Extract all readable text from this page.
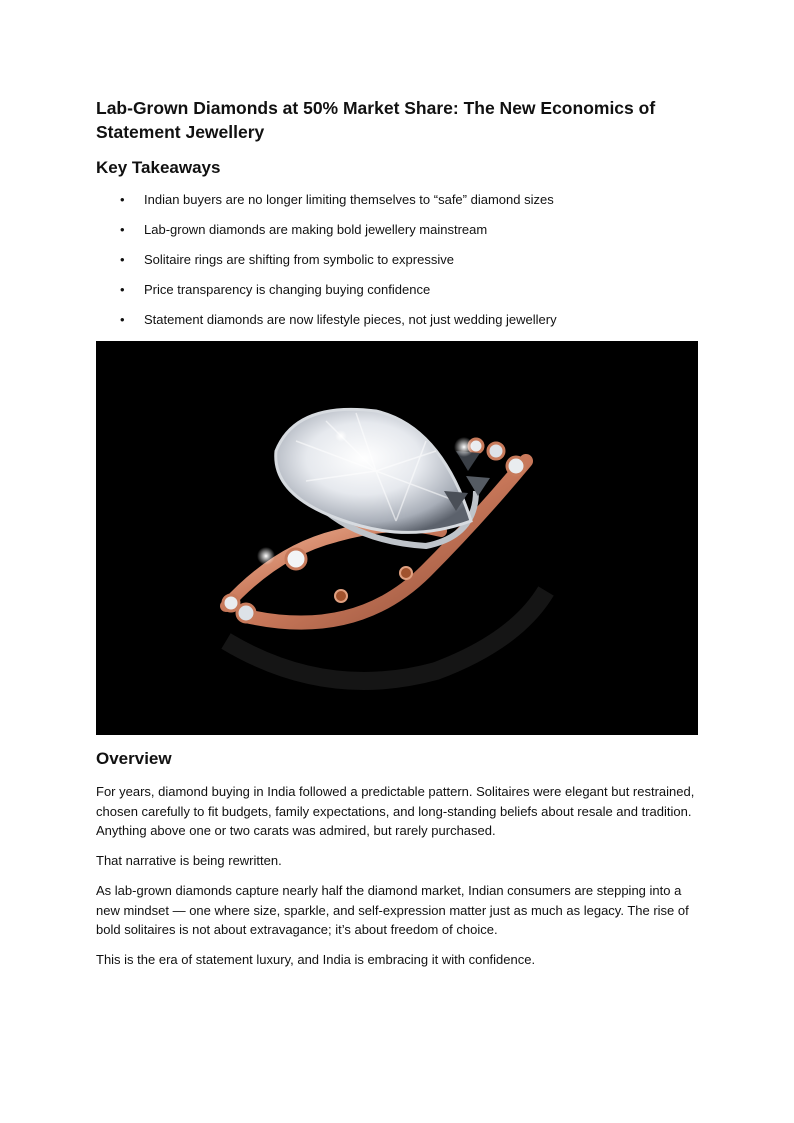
Lab-Grown Diamonds at 50% Market Share: The New Economics of Statement Jewellery
Key Takeaways
• Indian buyers are no longer limiting themselves to “safe” diamond sizes
• Lab-grown diamonds are making bold jewellery mainstream
• Solitaire rings are shifting from symbolic to expressive
• Price transparency is changing buying confidence
• Statement diamonds are now lifestyle pieces, not just wedding jewellery
Overview

For years, diamond buying in India followed a predictable pattern. Solitaires were elegant but restrained, chosen carefully to fit budgets, family expectations, and long-standing beliefs about resale and tradition. Anything above one or two carats was admired, but rarely purchased.

That narrative is being rewritten.

As lab-grown diamonds capture nearly half the diamond market, Indian consumers are stepping into a new mindset — one where size, sparkle, and self-expression matter just as much as legacy. The rise of bold solitaires is not about extravagance; it’s about freedom of choice.

This is the era of statement luxury, and India is embracing it with confidence.
